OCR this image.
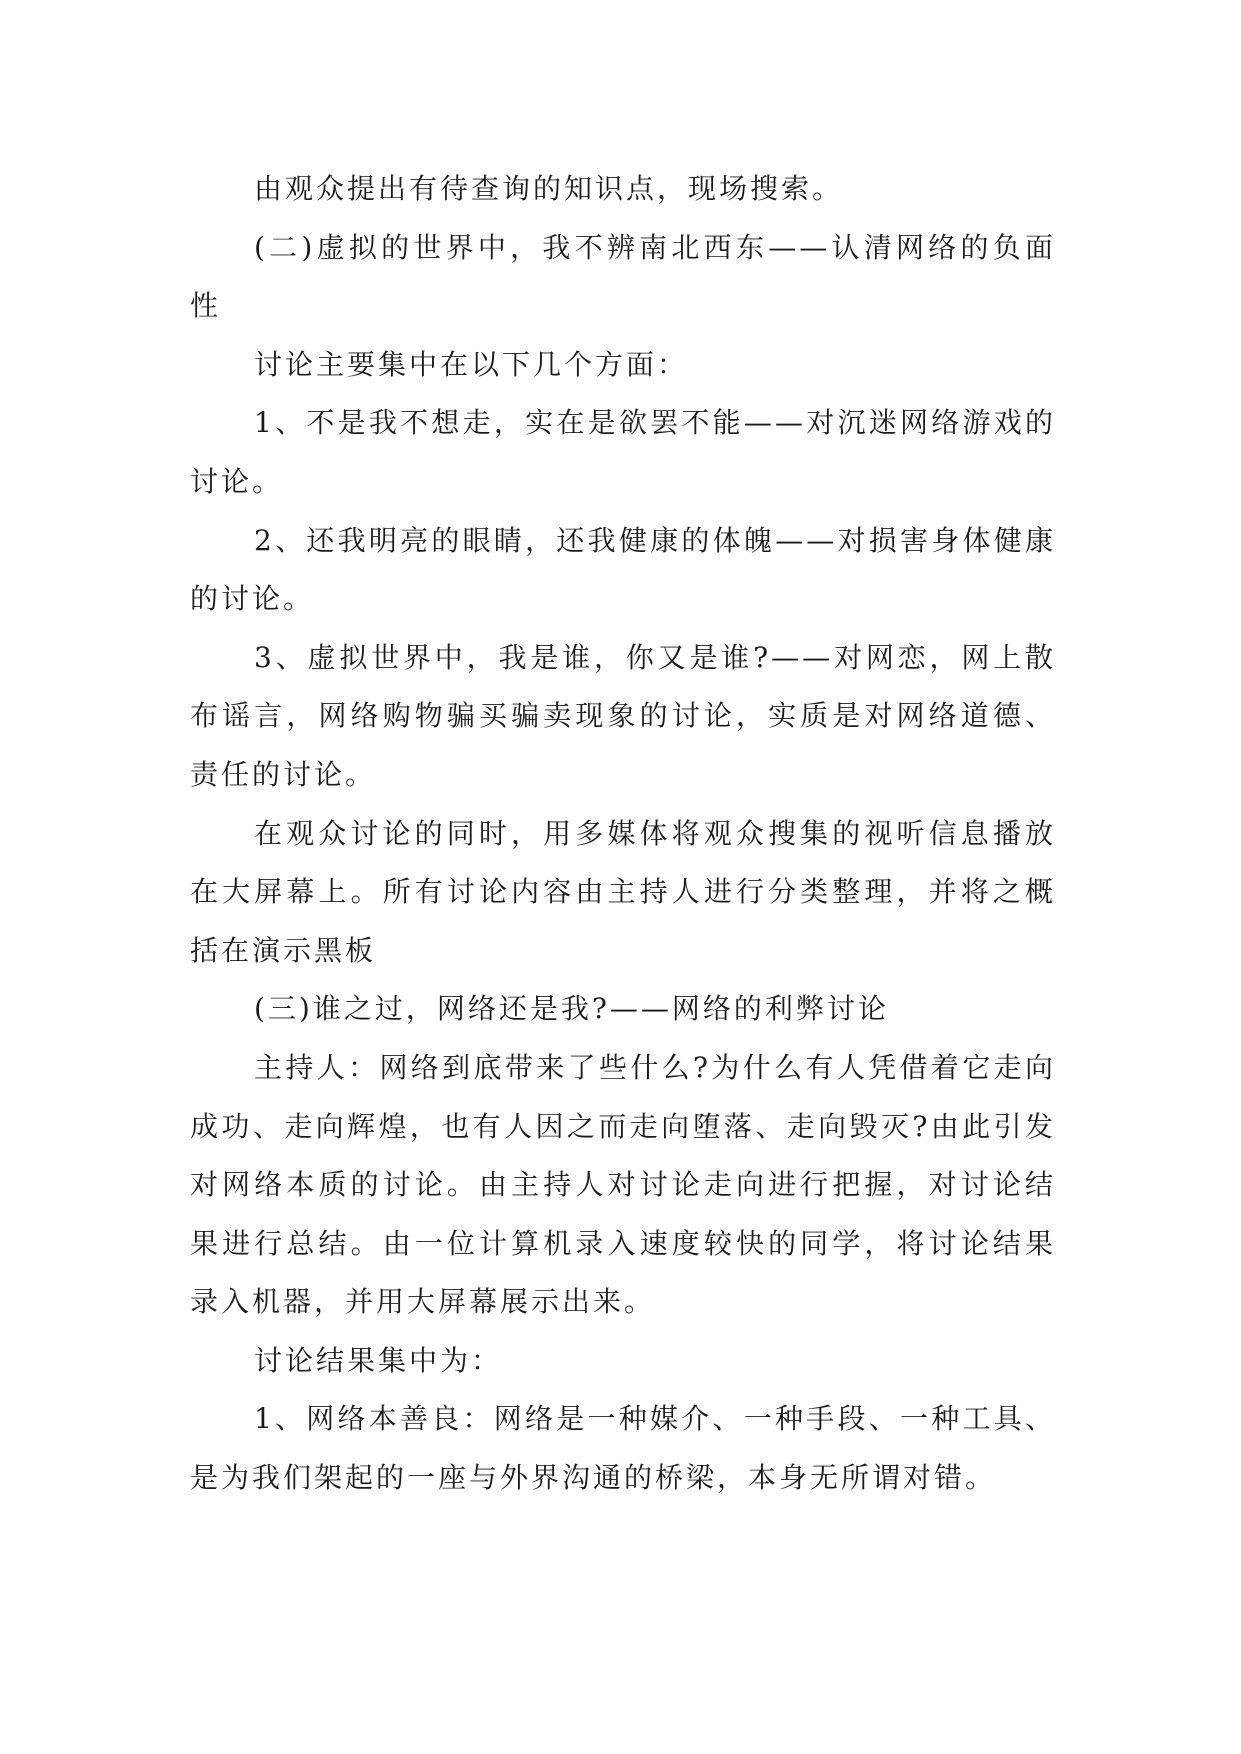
由观众提出有待查询的知识点，现场搜索。

(二)虚拟的世界中，我不辨南北西东——认清网络的负面性

讨论主要集中在以下几个方面：

1、不是我不想走，实在是欲罢不能——对沉迷网络游戏的讨论。

2、还我明亮的眼睛，还我健康的体魄——对损害身体健康的讨论。

3、虚拟世界中，我是谁，你又是谁?——对网恋，网上散布谣言，网络购物骗买骗卖现象的讨论，实质是对网络道德、责任的讨论。

在观众讨论的同时，用多媒体将观众搜集的视听信息播放在大屏幕上。所有讨论内容由主持人进行分类整理，并将之概括在演示黑板

(三)谁之过，网络还是我?——网络的利弊讨论

主持人：网络到底带来了些什么?为什么有人凭借着它走向成功、走向辉煌，也有人因之而走向堕落、走向毁灭?由此引发对网络本质的讨论。由主持人对讨论走向进行把握，对讨论结果进行总结。由一位计算机录入速度较快的同学，将讨论结果录入机器，并用大屏幕展示出来。

讨论结果集中为：

1、网络本善良：网络是一种媒介、一种手段、一种工具、是为我们架起的一座与外界沟通的桥梁，本身无所谓对错。
